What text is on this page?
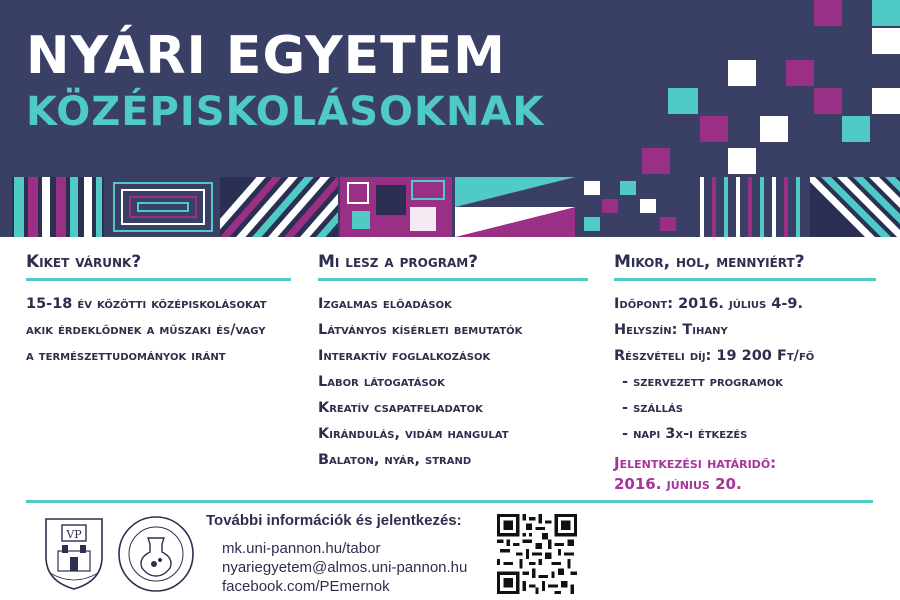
NYÁRI EGYETEM
KÖZÉPISKOLÁSOKNAK
Kiket várunk?
15-18 év közötti középiskolásokat
akik érdeklődnek a műszaki és/vagy
a természettudományok iránt
Mi lesz a program?
Izgalmas előadások
Látványos kísérleti bemutatók
Interaktív foglalkozások
Labor látogatások
Kreatív csapatfeladatok
Kirándulás, vidám hangulat
Balaton, nyár, strand
Mikor, hol, mennyiért?
Időpont: 2016. július 4-9.
Helyszín: Tihany
Részvételi díj: 19 200 Ft/fő
- szervezett programok
- szállás
- napi 3x-i étkezés
Jelentkezési határidő:
2016. június 20.
VP
További információk és jelentkezés:
mk.uni-pannon.hu/tabor
nyariegyetem@almos.uni-pannon.hu
facebook.com/PEmernok
